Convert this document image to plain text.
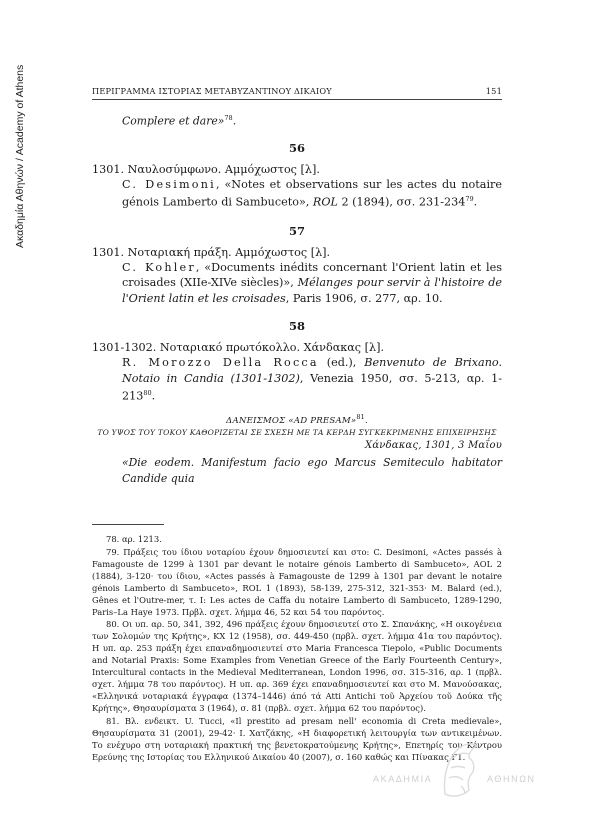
Ακαδημία Αθηνών / Academy of Athens	ΠΕΡΙΓΡΑΜΜΑ ΙΣΤΟΡΙΑΣ ΜΕΤΑΒΥΖΑΝΤΙΝΟΥ ΔΙΚΑΙΟΥ	151
Complere et dare»$^{78}$.
56
1301. Ναυλοσύμφωνο. Αμμόχωστος [λ].
C. Desimoni, «Notes et observations sur les actes du notaire génois Lamberto di Sambuceto», ROL 2 (1894), σσ. $231-234^{79}$.
57
1301. Νοταριακή πράξη. Αμμόχωστος [λ].
C. Kohler, «Documents inédits concernant l'Orient latin et les croisades (XIIe-XIVe siècles)», Mélanges pour servir à l'histoire de l'Orient latin et les croisades, Paris 1906, σ. 277, αρ. 10.
58
1301-1302. Νοταριακό πρωτόκολλο. Χάνδακας [λ].
R. Morozzo Della Rocca (ed.), Benvenuto de Brixano. Notaio in Candia (1301-1302), Venezia 1950, σσ. 5-213, αρ. $1-213^{80}$.
ΔΑΝΕΙΣΜΟΣ «AD PRESAM»$^{81}$.
ΤΟ ΥΨΟΣ ΤΟΥ ΤΟΚΟΥ ΚΑΘΟΡΙΖΕΤΑΙ ΣΕ ΣΧΕΣΗ ΜΕ ΤΑ ΚΕΡΔΗ ΣΥΓΚΕΚΡΙΜΕΝΗΣ ΕΠΙΧΕΙΡΗΣΗΣ
Χάνδακας, 1301, 3 Μαΐου
«Die eodem. Manifestum facio ego Marcus Semiteculo habitator Candide quia

78. αρ. 1213.

79. Πράξεις του ίδιου νοταρίου έχουν δημοσιευτεί και στο: C. Desimoni, «Actes passés à Famagouste de 1299 à 1301 par devant le notaire génois Lamberto di Sambuceto», AOL 2 (1884), 3-120· του ίδιου, «Actes passés à Famagouste de 1299 à 1301 par devant le notaire génois Lamberto di Sambuceto», ROL 1 (1893), 58-139, 275-312, 321-353· M. Balard (ed.), Gênes et l'Outre-mer, τ. I: Les actes de Caffa du notaire Lamberto di Sambuceto, 1289-1290, Paris–La Haye 1973. Πρβλ. σχετ. λήμμα 46, 52 και 54 του παρόντος.

80. Οι υπ. αρ. 50, 341, 392, 496 πράξεις έχουν δημοσιευτεί στο Σ. Σπανάκης, «Η οικογένεια των Σολομών της Κρήτης», ΚΧ 12 (1958), σσ. 449-450 (πρβλ. σχετ. λήμμα 41α του παρόντος). Η υπ. αρ. 253 πράξη έχει επαναδημοσιευτεί στο Maria Francesca Tiepolo, «Public Documents and Notarial Praxis: Some Examples from Venetian Greece of the Early Fourteenth Century», Intercultural contacts in the Medieval Mediterranean, London 1996, σσ. 315-316, αρ. 1 (πρβλ. σχετ. λήμμα 78 του παρόντος). Η υπ. αρ. 369 έχει επαναδημοσιευτεί και στο Μ. Μανούσακας, «Ελληνικά νοταριακά έγγραφα (1374–1446) άπό τά Atti Antichi τοῦ Ἀρχείου τοῦ Δούκα τῆς Κρήτης», Θησαυρίσματα 3 (1964), σ. 81 (πρβλ. σχετ. λήμμα 62 του παρόντος).

81. Βλ. ενδεικτ. U. Tucci, «Il prestito ad presam nell' economia di Creta medievale», Θησαυρίσματα 31 (2001), 29-42· Ι. Χατζάκης, «Η διαφορετική λειτουργία των αντικειμένων. Το ενέχυρο στη νοταριακή πρακτική της βενετοκρατούμενης Κρήτης», Επετηρίς του Κέντρου Ερεύνης της Ιστορίας του Ελληνικού Δικαίου 40 (2007), σ. 160 καθώς και Πίνακας Γ1.

ΑΚΑΔΗΜΙΑ	ΑΘΗΝΩΝ
